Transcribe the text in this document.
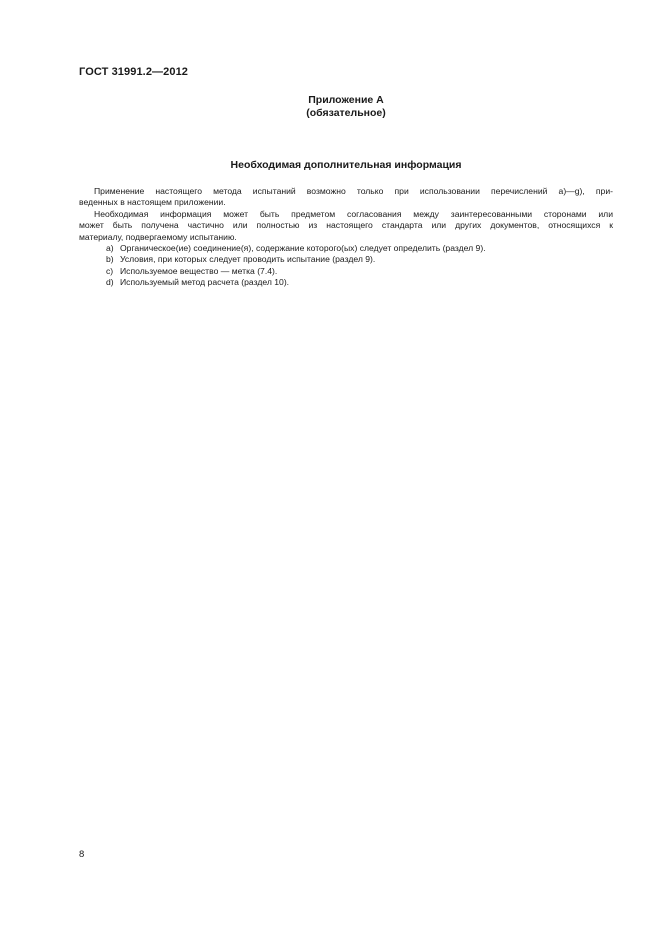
ГОСТ 31991.2—2012
Приложение А
(обязательное)
Необходимая дополнительная информация
Применение настоящего метода испытаний возможно только при использовании перечислений а)—g), при-
веденных в настоящем приложении.
Необходимая информация может быть предметом согласования между заинтересованными сторонами или
может быть получена частично или полностью из настоящего стандарта или других документов, относящихся к
материалу, подвергаемому испытанию.
a) Органическое(ие) соединение(я), содержание которого(ых) следует определить (раздел 9).
b) Условия, при которых следует проводить испытание (раздел 9).
c) Используемое вещество — метка (7.4).
d) Используемый метод расчета (раздел 10).
8
